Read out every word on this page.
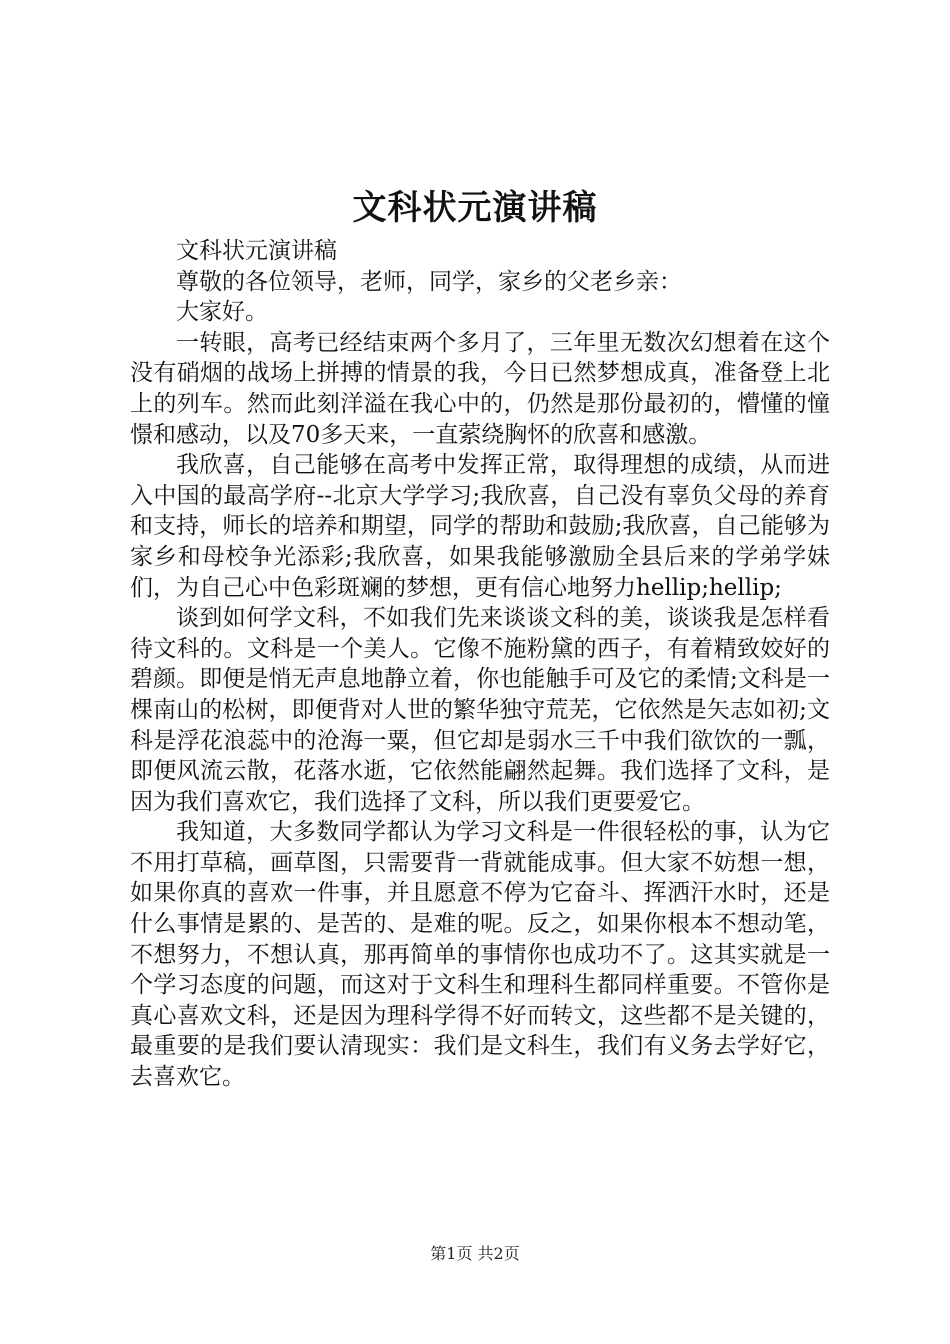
文科状元演讲稿

文科状元演讲稿

尊敬的各位领导，老师，同学，家乡的父老乡亲：

大家好。

一转眼，高考已经结束两个多月了，三年里无数次幻想着在这个没有硝烟的战场上拼搏的情景的我，今日已然梦想成真，准备登上北上的列车。然而此刻洋溢在我心中的，仍然是那份最初的，懵懂的憧憬和感动，以及70多天来，一直萦绕胸怀的欣喜和感激。

我欣喜，自己能够在高考中发挥正常，取得理想的成绩，从而进入中国的最高学府--北京大学学习;我欣喜，自己没有辜负父母的养育和支持，师长的培养和期望，同学的帮助和鼓励;我欣喜，自己能够为家乡和母校争光添彩;我欣喜，如果我能够激励全县后来的学弟学妹们，为自己心中色彩斑斓的梦想，更有信心地努力hellip;hellip;

谈到如何学文科，不如我们先来谈谈文科的美，谈谈我是怎样看待文科的。文科是一个美人。它像不施粉黛的西子，有着精致姣好的碧颜。即便是悄无声息地静立着，你也能触手可及它的柔情;文科是一棵南山的松树，即便背对人世的繁华独守荒芜，它依然是矢志如初;文科是浮花浪蕊中的沧海一粟，但它却是弱水三千中我们欲饮的一瓢，即便风流云散，花落水逝，它依然能翩然起舞。我们选择了文科，是因为我们喜欢它，我们选择了文科，所以我们更要爱它。

我知道，大多数同学都认为学习文科是一件很轻松的事，认为它不用打草稿，画草图，只需要背一背就能成事。但大家不妨想一想，如果你真的喜欢一件事，并且愿意不停为它奋斗、挥洒汗水时，还是什么事情是累的、是苦的、是难的呢。反之，如果你根本不想动笔，不想努力，不想认真，那再简单的事情你也成功不了。这其实就是一个学习态度的问题，而这对于文科生和理科生都同样重要。不管你是真心喜欢文科，还是因为理科学得不好而转文，这些都不是关键的，最重要的是我们要认清现实：我们是文科生，我们有义务去学好它，去喜欢它。

第1页 共2页
